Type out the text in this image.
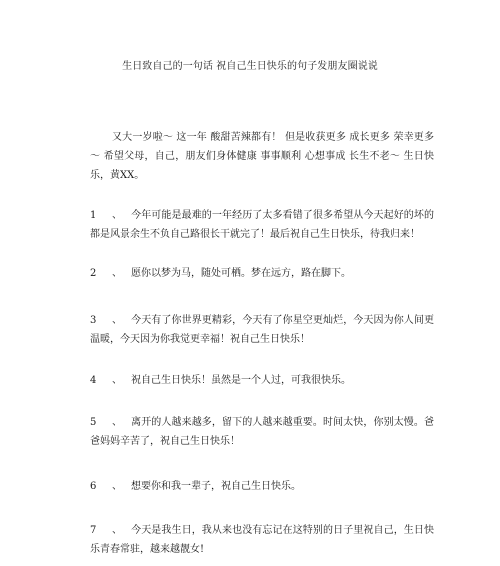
生日致自己的一句话 祝自己生日快乐的句子发朋友圈说说

又大一岁啦～ 这一年 酸甜苦辣都有！ 但是收获更多 成长更多 荣幸更多～ 希望父母，自己，朋友们身体健康 事事顺利 心想事成 长生不老～ 生日快乐，黄XX。

1 、 今年可能是最难的一年经历了太多看错了很多希望从今天起好的坏的都是风景余生不负自己路很长干就完了！最后祝自己生日快乐，待我归来！

2 、 愿你以梦为马，随处可栖。梦在远方，路在脚下。

3 、 今天有了你世界更精彩，今天有了你星空更灿烂，今天因为你人间更温暖，今天因为你我觉更幸福！祝自己生日快乐！

4 、 祝自己生日快乐！虽然是一个人过，可我很快乐。

5 、 离开的人越来越多，留下的人越来越重要。时间太快，你别太慢。爸爸妈妈辛苦了，祝自己生日快乐！

6 、 想要你和我一辈子，祝自己生日快乐。

7 、 今天是我生日，我从来也没有忘记在这特别的日子里祝自己，生日快乐青春常驻，越来越靓女!
